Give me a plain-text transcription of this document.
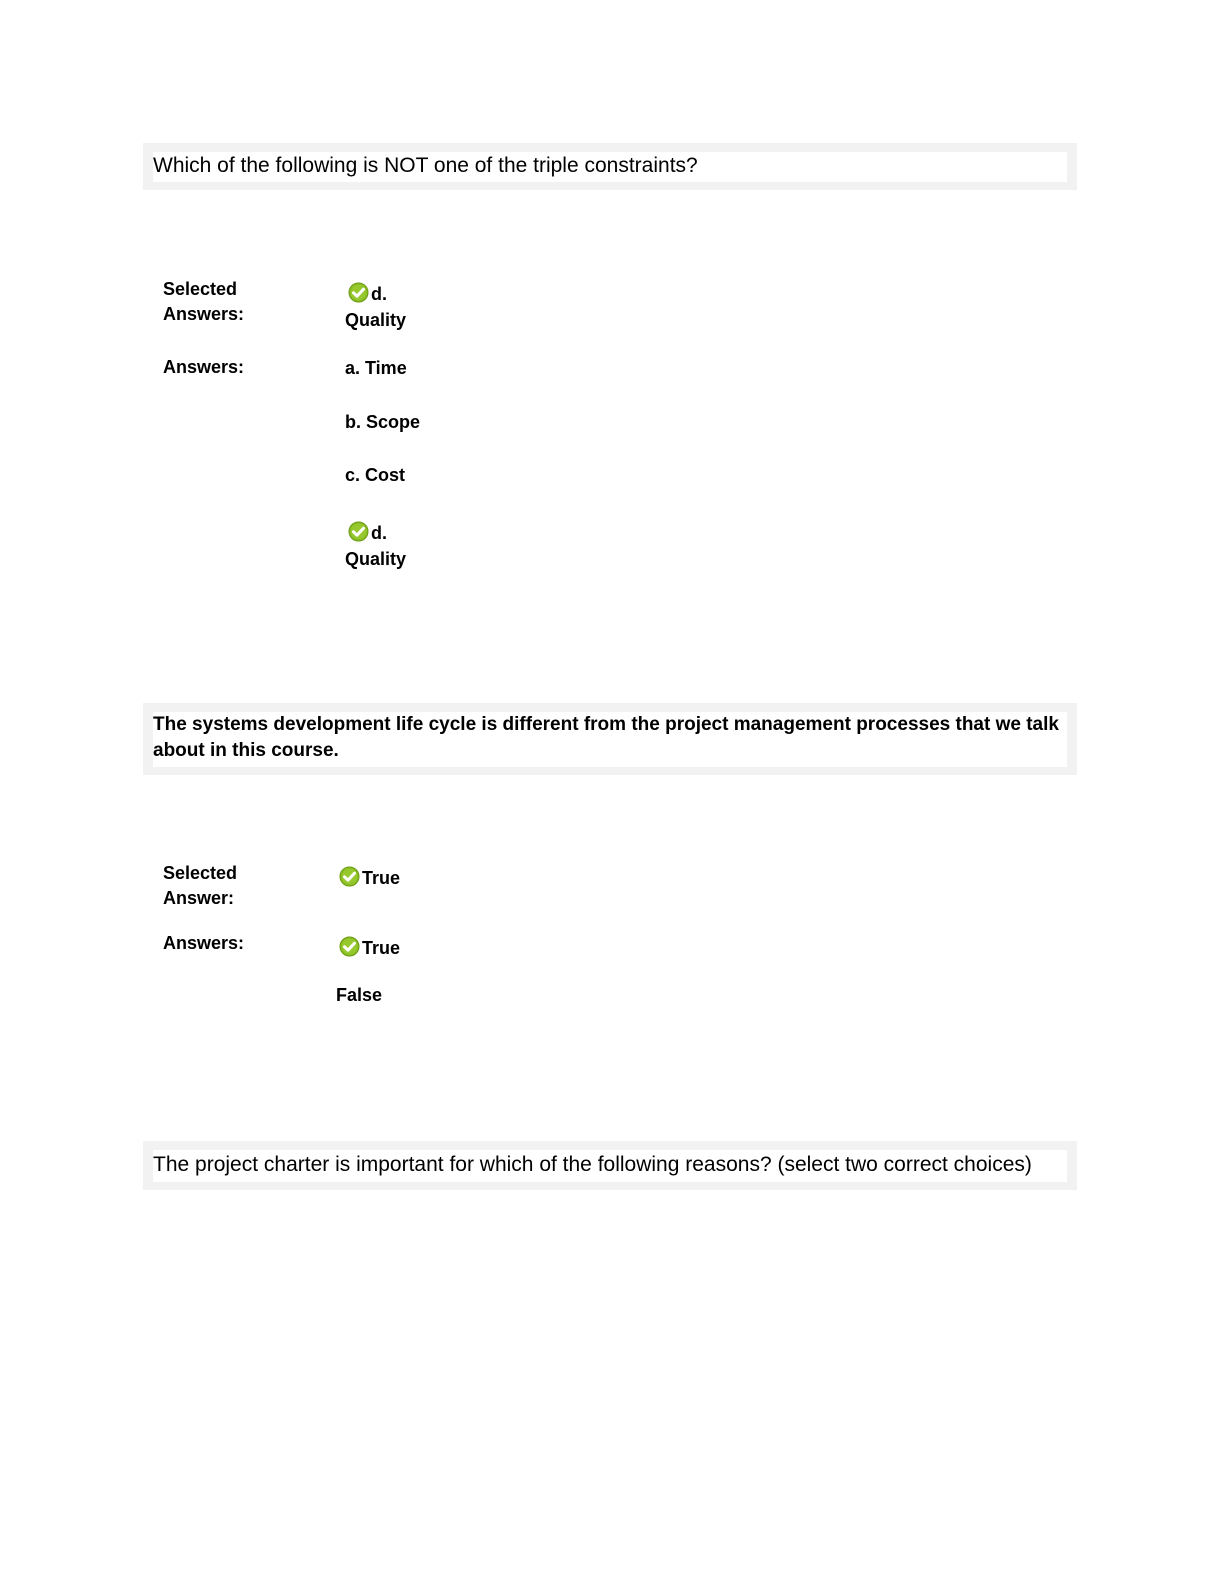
Which of the following is NOT one of the triple constraints?
Selected Answers:
d.
Quality
Answers:	a. Time
b. Scope
c. Cost
d.
Quality
The systems development life cycle is different from the project management processes that we talk about in this course.
Selected Answer:
True
Answers:	True
False
The project charter is important for which of the following reasons? (select two correct choices)
